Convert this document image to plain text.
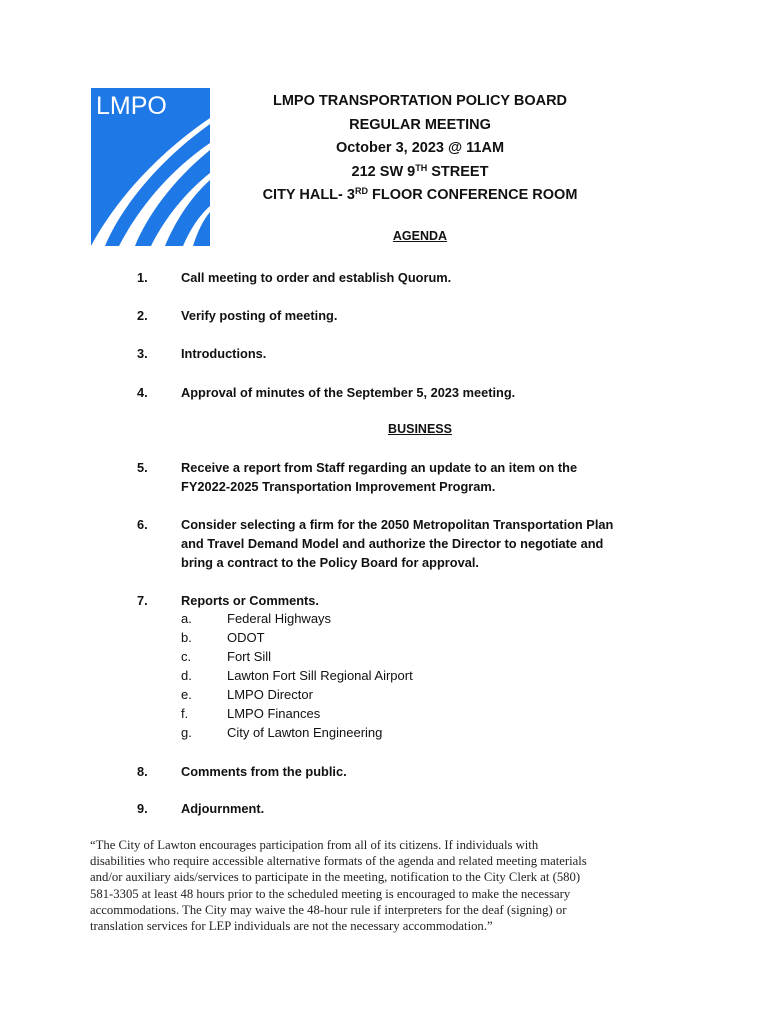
LMPO	LMPO TRANSPORTATION POLICY BOARD
REGULAR MEETING
October 3, 2023 @ 11AM
212 SW 9TH STREET
CITY HALL- 3RD FLOOR CONFERENCE ROOM
AGENDA
1.	Call meeting to order and establish Quorum.
2.	Verify posting of meeting.
3.	Introductions.
4.	Approval of minutes of the September 5, 2023 meeting.
BUSINESS
5.	Receive a report from Staff regarding an update to an item on the
FY2022-2025 Transportation Improvement Program.
6.	Consider selecting a firm for the 2050 Metropolitan Transportation Plan
and Travel Demand Model and authorize the Director to negotiate and
bring a contract to the Policy Board for approval.
7.	Reports or Comments.
a.	Federal Highways
b.	ODOT
c.	Fort Sill
d.	Lawton Fort Sill Regional Airport
e.	LMPO Director
f.	LMPO Finances
g.	City of Lawton Engineering
8.	Comments from the public.
9.	Adjournment.
“The City of Lawton encourages participation from all of its citizens. If individuals with
disabilities who require accessible alternative formats of the agenda and related meeting materials
and/or auxiliary aids/services to participate in the meeting, notification to the City Clerk at (580)
581-3305 at least 48 hours prior to the scheduled meeting is encouraged to make the necessary
accommodations. The City may waive the 48-hour rule if interpreters for the deaf (signing) or
translation services for LEP individuals are not the necessary accommodation.”
